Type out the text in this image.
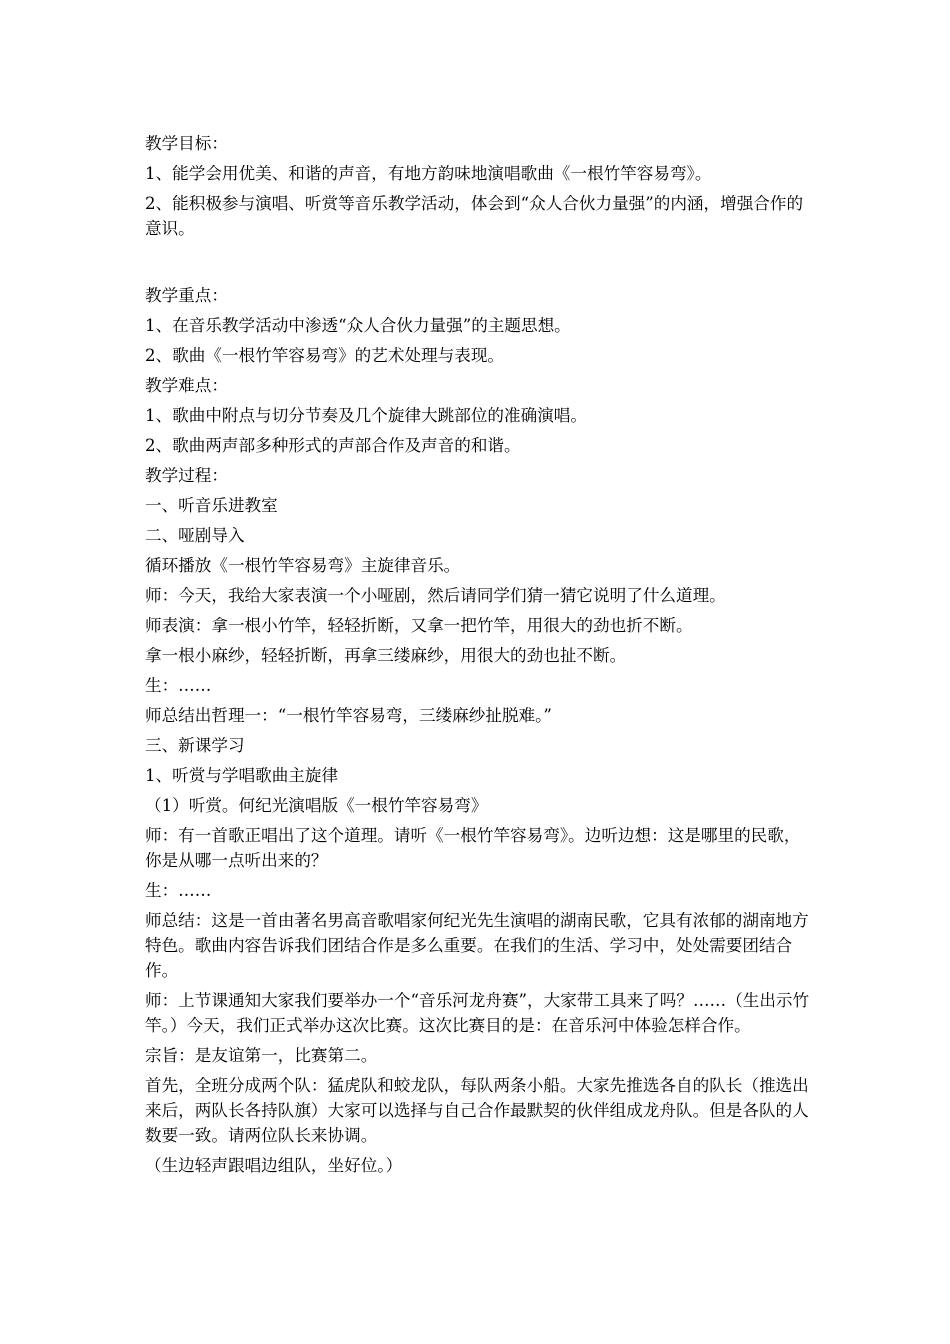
教学目标：

1、能学会用优美、和谐的声音，有地方韵味地演唱歌曲《一根竹竿容易弯》。

2、能积极参与演唱、听赏等音乐教学活动，体会到“众人合伙力量强”的内涵，增强合作的意识。

教学重点：

1、在音乐教学活动中渗透“众人合伙力量强”的主题思想。

2、歌曲《一根竹竿容易弯》的艺术处理与表现。

教学难点：

1、歌曲中附点与切分节奏及几个旋律大跳部位的准确演唱。

2、歌曲两声部多种形式的声部合作及声音的和谐。

教学过程：

一、听音乐进教室

二、哑剧导入

循环播放《一根竹竿容易弯》主旋律音乐。

师：今天，我给大家表演一个小哑剧，然后请同学们猜一猜它说明了什么道理。

师表演：拿一根小竹竿，轻轻折断，又拿一把竹竿，用很大的劲也折不断。

拿一根小麻纱，轻轻折断，再拿三缕麻纱，用很大的劲也扯不断。

生：……

师总结出哲理一：“一根竹竿容易弯，三缕麻纱扯脱难。”

三、新课学习

1、听赏与学唱歌曲主旋律

（1）听赏。何纪光演唱版《一根竹竿容易弯》

师：有一首歌正唱出了这个道理。请听《一根竹竿容易弯》。边听边想：这是哪里的民歌，你是从哪一点听出来的？

生：……

师总结：这是一首由著名男高音歌唱家何纪光先生演唱的湖南民歌，它具有浓郁的湖南地方特色。歌曲内容告诉我们团结合作是多么重要。在我们的生活、学习中，处处需要团结合作。

师：上节课通知大家我们要举办一个“音乐河龙舟赛”，大家带工具来了吗？……（生出示竹竿。）今天，我们正式举办这次比赛。这次比赛目的是：在音乐河中体验怎样合作。

宗旨：是友谊第一，比赛第二。

首先，全班分成两个队：猛虎队和蛟龙队，每队两条小船。大家先推选各自的队长（推选出来后，两队长各持队旗）大家可以选择与自己合作最默契的伙伴组成龙舟队。但是各队的人数要一致。请两位队长来协调。

（生边轻声跟唱边组队，坐好位。）
